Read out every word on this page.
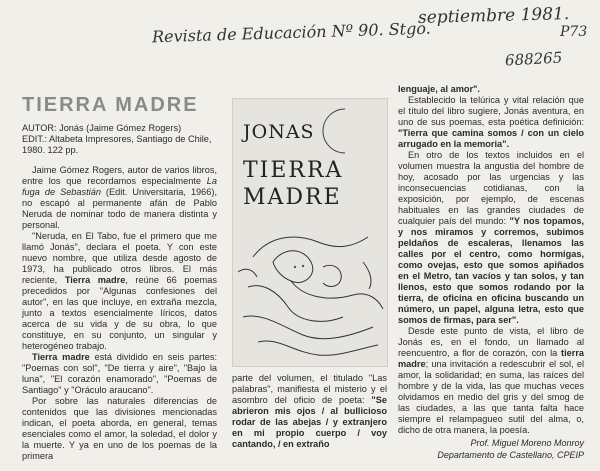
septiembre 1981.
Revista de Educación Nº 90. Stgo.	P73
688265
TIERRA MADRE

AUTOR: Jonás (Jaime Gómez Rogers)
EDIT.: Altabeta Impresores, Santiago de Chile, 1980. 122 pp.

Jaime Gómez Rogers, autor de varios libros, entre los que recordamos especialmente La fuga de Sebastián (Edit. Universitaria, 1966), no escapó al permanente afán de Pablo Neruda de nominar todo de manera distinta y personal.

"Neruda, en El Tabo, fue el primero que me llamó Jonás", declara el poeta. Y con este nuevo nombre, que utiliza desde agosto de 1973, ha publicado otros libros. El más reciente, Tierra madre, reúne 66 poemas precedidos por "Algunas confesiones del autor", en las que incluye, en extraña mezcla, junto a textos esencialmente líricos, datos acerca de su vida y de su obra, lo que constituye, en su conjunto, un singular y heterogéneo trabajo.

Tierra madre está dividido en seis partes: "Poemas con sol", "De tierra y aire", "Bajo la luna", "El corazón enamorado", "Poemas de Santiago" y "Oráculo araucano".

Por sobre las naturales diferencias de contenidos que las divisiones mencionadas indican, el poeta aborda, en general, temas esenciales como el amor, la soledad, el dolor y la muerte. Y ya en uno de los poemas de la primera

JONAS
TIERRA MADRE

parte del volumen, el titulado "Las palabras", manifiesta el misterio y el asombro del oficio de poeta: "Se abrieron mis ojos / al bullicioso rodar de las abejas / y extranjero en mi propio cuerpo / voy cantando, / en extraño

lenguaje, al amor".

Establecido la telúrica y vital relación que el título del libro sugiere, Jonás aventura, en uno de sus poemas, esta poética definición: "Tierra que camina somos / con un cielo arrugado en la memoria".

En otro de los textos incluidos en el volumen muestra la angustia del hombre de hoy, acosado por las urgencias y las inconsecuencias cotidianas, con la exposición, por ejemplo, de escenas habituales en las grandes ciudades de cualquier país del mundo: "Y nos topamos, y nos miramos y corremos, subimos peldaños de escaleras, llenamos las calles por el centro, como hormigas, como ovejas, esto que somos apiñados en el Metro, tan vacíos y tan solos, y tan llenos, esto que somos rodando por la tierra, de oficina en oficina buscando un número, un papel, alguna letra, esto que somos de firmas, para ser".

Desde este punto de vista, el libro de Jonás es, en el fondo, un llamado al reencuentro, a flor de corazón, con la tierra madre; una invitación a redescubrir el sol, el amor, la solidaridad; en suma, las raíces del hombre y de la vida, las que muchas veces olvidamos en medio del gris y del smog de las ciudades, a las que tanta falta hace siempre el relampagueo sutil del alma, o, dicho de otra manera, la poesía.

Prof. Miguel Moreno Monroy
Departamento de Castellano, CPEIP
